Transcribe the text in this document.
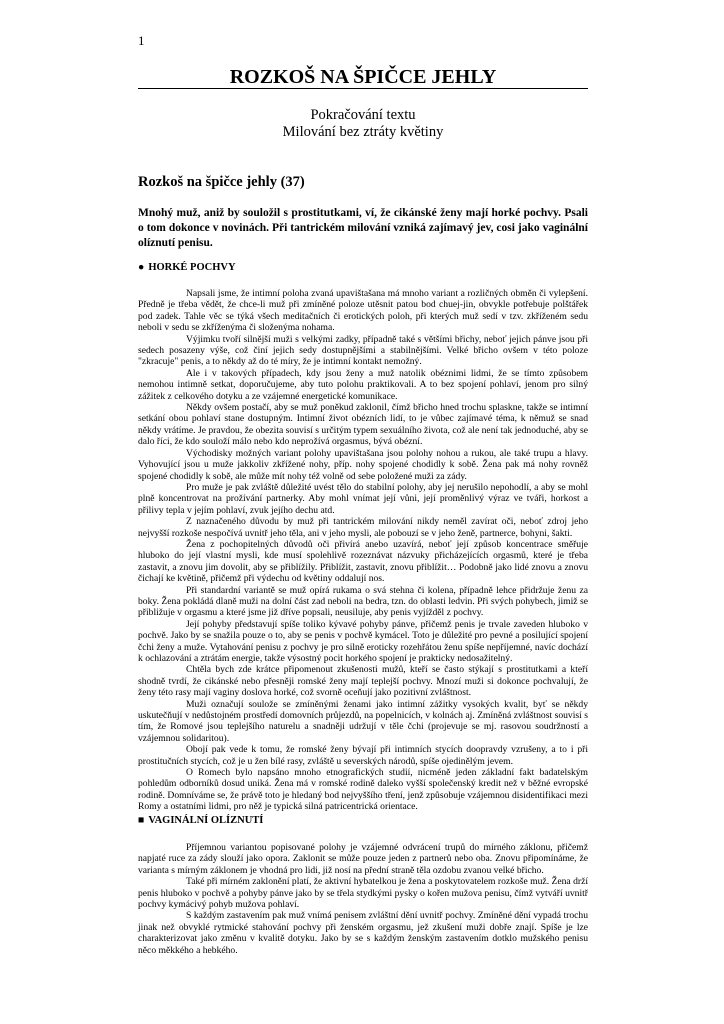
1
ROZKOŠ NA ŠPIČCE JEHLY
Pokračování textu
Milování bez ztráty květiny
Rozkoš na špičce jehly (37)
Mnohý muž, aniž by souložil s prostitutkami, ví, že cikánské ženy mají horké pochvy. Psali o tom dokonce v novinách. Při tantrickém milování vzniká zajímavý jev, cosi jako vaginální olíznutí penisu.
● HORKÉ POCHVY

Napsali jsme, že intimní poloha zvaná upavištašana má mnoho variant a rozličných obměn či vylepšení. Předně je třeba vědět, že chce-li muž při zmíněné poloze utěsnit patou bod chuej-jin, obvykle potřebuje polštářek pod zadek. Tahle věc se týká všech meditačních či erotických poloh, při kterých muž sedí v tzv. zkříženém sedu neboli v sedu se zkříženýma či složenýma nohama.

Výjimku tvoří silnější muži s velkými zadky, případně také s většími břichy, neboť jejich pánve jsou při sedech posazeny výše, což činí jejich sedy dostupnějšími a stabilnějšími. Velké břicho ovšem v této poloze "zkracuje" penis, a to někdy až do té míry, že je intimní kontakt nemožný.

Ale i v takových případech, kdy jsou ženy a muž natolik obéznimi lidmi, že se tímto způsobem nemohou intimně setkat, doporučujeme, aby tuto polohu praktikovali. A to bez spojení pohlaví, jenom pro silný zážitek z celkového dotyku a ze vzájemné energetické komunikace.

Někdy ovšem postačí, aby se muž poněkud zaklonil, čímž břicho hned trochu splaskne, takže se intimní setkání obou pohlaví stane dostupným. Intimní život obézních lidí, to je vůbec zajímavé téma, k němuž se snad někdy vrátíme. Je pravdou, že obezita souvisí s určitým typem sexuálního života, což ale není tak jednoduché, aby se dalo říci, že kdo souloží málo nebo kdo neprožívá orgasmus, bývá obézní.

Východisky možných variant polohy upavištašana jsou polohy nohou a rukou, ale také trupu a hlavy. Vyhovující jsou u muže jakkoliv zkřížené nohy, příp. nohy spojené chodidly k sobě. Žena pak má nohy rovněž spojené chodidly k sobě, ale může mít nohy též volně od sebe položené muži za zády.

Pro muže je pak zvláště důležité uvést tělo do stabilní polohy, aby jej nerušilo nepohodlí, a aby se mohl plně koncentrovat na prožívání partnerky. Aby mohl vnímat její vůni, její proměnlivý výraz ve tváři, horkost a přilivy tepla v jejím pohlaví, zvuk jejího dechu atd.

Z naznačeného důvodu by muž při tantrickém milování nikdy neměl zavírat oči, neboť zdroj jeho nejvyšší rozkoše nespočívá uvnitř jeho těla, ani v jeho mysli, ale pobouzí se v jeho ženě, partnerce, bohyni, šakti.

Žena z pochopitelných důvodů oči přivírá anebo uzavírá, neboť její způsob koncentrace směřuje hluboko do její vlastní mysli, kde musí spolehlivě rozeznávat názvuky přicházejících orgasmů, které je třeba zastavit, a znovu jim dovolit, aby se přiblížily. Přiblížit, zastavit, znovu přiblížit… Podobně jako lidé znovu a znovu čichají ke květině, přičemž při výdechu od květiny oddalují nos.

Při standardní variantě se muž opírá rukama o svá stehna či kolena, případně lehce přidržuje ženu za boky. Žena pokládá dlaně muži na dolní část zad neboli na bedra, tzn. do oblasti ledvin. Při svých pohybech, jimiž se přibližuje v orgasmu a které jsme již dříve popsali, neusiluje, aby penis vyjížděl z pochvy.

Její pohyby představují spíše toliko kývavé pohyby pánve, přičemž penis je trvale zaveden hluboko v pochvě. Jako by se snažila pouze o to, aby se penis v pochvě kymácel. Toto je důležité pro pevné a posilující spojení čchi ženy a muže. Vytahování penisu z pochvy je pro silně eroticky rozehřátou ženu spíše nepříjemné, navíc dochází k ochlazování a ztrátám energie, takže výsostný pocit horkého spojení je prakticky nedosažitelný.

Chtěla bych zde krátce připomenout zkušenosti mužů, kteří se často stýkají s prostitutkami a kteří shodně tvrdí, že cikánské nebo přesněji romské ženy mají teplejší pochvy. Mnozí muži si dokonce pochvalují, že ženy této rasy mají vaginy doslova horké, což svorně oceňují jako pozitivní zvláštnost.

Muži označují soulože se zmíněnými ženami jako intimní zážitky vysokých kvalit, byť se někdy uskutečňují v nedůstojném prostředí domovních průjezdů, na popelnicích, v kolnách aj. Zmíněná zvláštnost souvisí s tím, že Romové jsou teplejšího naturelu a snadněji udržují v těle čchi (projevuje se mj. rasovou soudržností a vzájemnou solidaritou).

Obojí pak vede k tomu, že romské ženy bývají při intimních stycích doopravdy vzrušeny, a to i při prostitučních stycích, což je u žen bílé rasy, zvláště u severských národů, spíše ojedinělým jevem.

O Romech bylo napsáno mnoho etnografických studií, nicméně jeden základní fakt badatelským pohledům odborníků dosud uniká. Žena má v romské rodině daleko vyšší společenský kredit než v běžné evropské rodině. Domníváme se, že právě toto je hledaný bod nejvyššího tření, jenž způsobuje vzájemnou disidentifikaci mezi Romy a ostatními lidmi, pro něž je typická silná patricentrická orientace.

■ VAGINÁLNÍ OLÍZNUTÍ

Příjemnou variantou popisované polohy je vzájemné odvrácení trupů do mírného záklonu, přičemž napjaté ruce za zády slouží jako opora. Zaklonit se může pouze jeden z partnerů nebo oba. Znovu připomínáme, že varianta s mírným záklonem je vhodná pro lidi, již nosí na přední straně těla ozdobu zvanou velké břicho.

Také při mírném zaklonění platí, že aktivní hybatelkou je žena a poskytovatelem rozkoše muž. Žena drží penis hluboko v pochvě a pohyby pánve jako by se třela stydkými pysky o kořen mužova penisu, čímž vytváří uvnitř pochvy kymácivý pohyb mužova pohlaví.

S každým zastavením pak muž vnímá penisem zvláštní dění uvnitř pochvy. Zmíněné dění vypadá trochu jinak než obvyklé rytmické stahování pochvy při ženském orgasmu, jež zkušení muži dobře znají. Spíše je lze charakterizovat jako změnu v kvalitě dotyku. Jako by se s každým ženským zastavením dotklo mužského penisu něco měkkého a hebkého.
